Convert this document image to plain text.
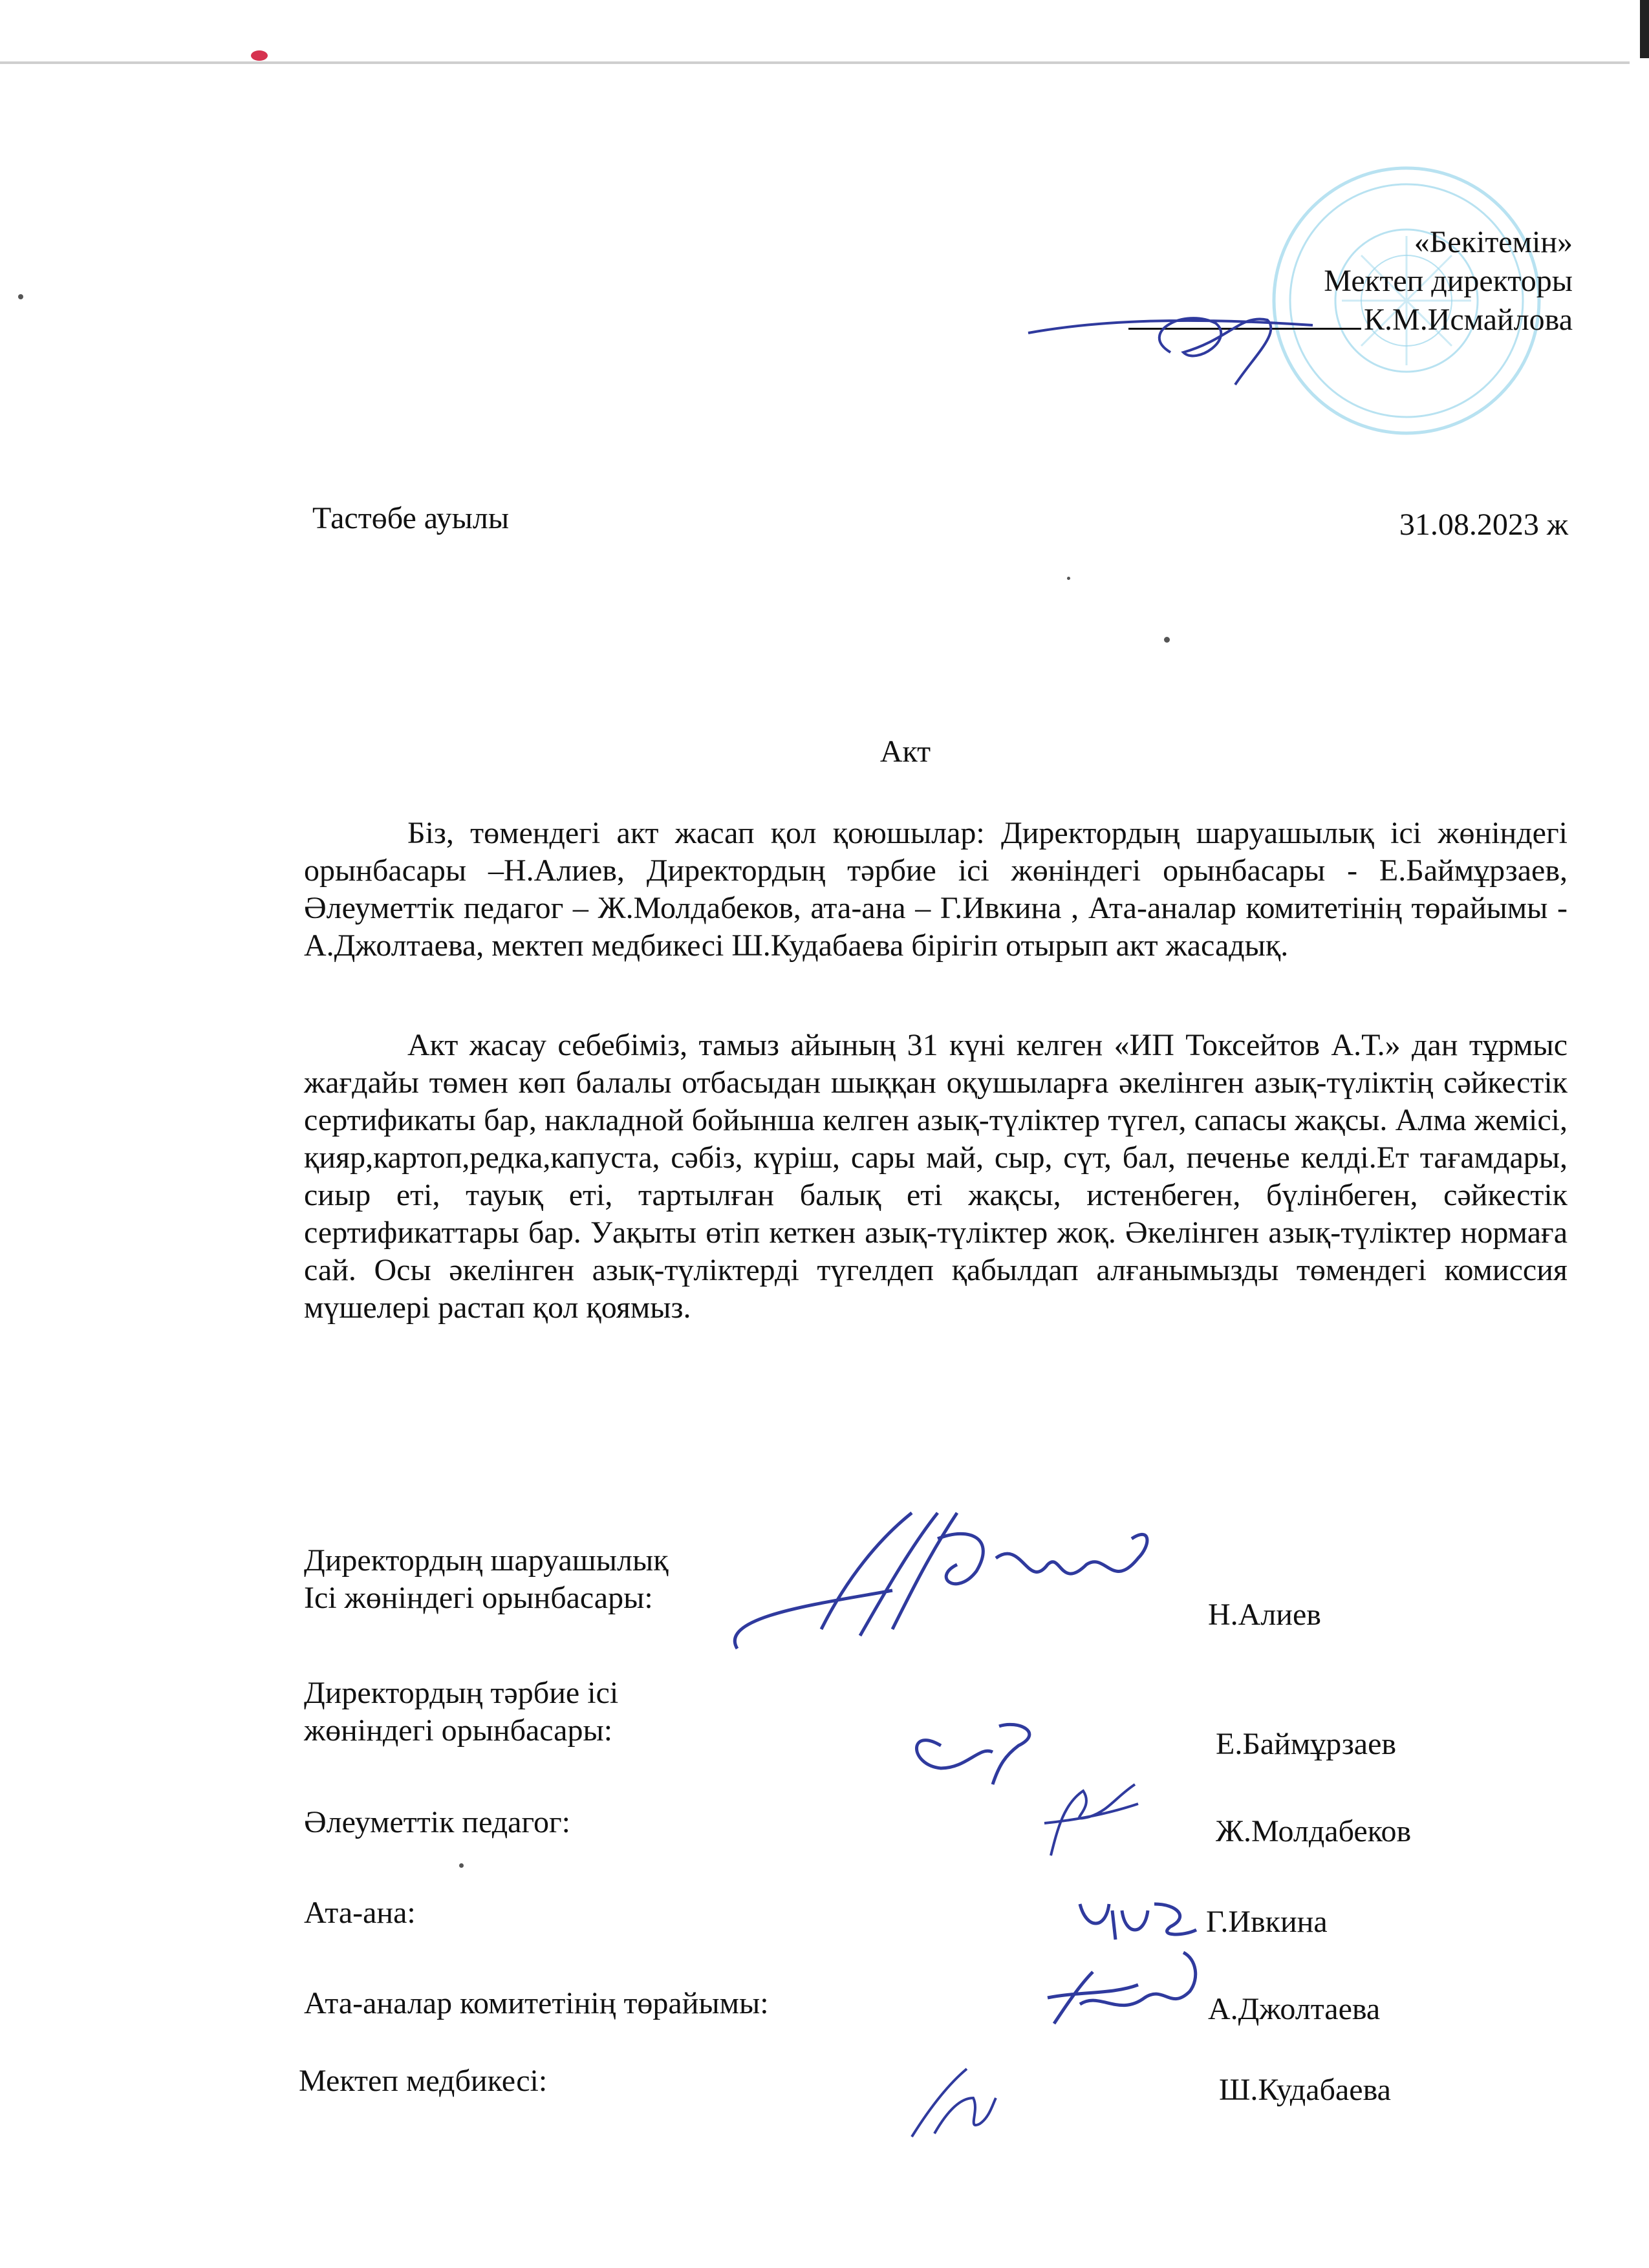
«Бекітемін»
Мектеп директоры
К.М.Исмайлова
Тастөбе ауылы	31.08.2023 ж
Акт

Біз, төмендегі акт жасап қол қоюшылар: Директордың шаруашылық ісі жөніндегі орынбасары –Н.Алиев, Директордың тәрбие ісі жөніндегі орынбасары - Е.Баймұрзаев, Әлеуметтік педагог – Ж.Молдабеков, ата-ана – Г.Ивкина , Ата-аналар комитетінің төрайымы - А.Джолтаева, мектеп медбикесі Ш.Кудабаева бірігіп отырып акт жасадық.

Акт жасау себебіміз, тамыз айының 31 күні келген «ИП Токсейтов А.Т.» дан тұрмыс жағдайы төмен көп балалы отбасыдан шыққан оқушыларға әкелінген азық-түліктің сәйкестік сертификаты бар, накладной бойынша келген азық-түліктер түгел, сапасы жақсы. Алма жемісі, қияр,картоп,редка,капуста, сәбіз, күріш, сары май, сыр, сүт, бал, печенье келді.Ет тағамдары, сиыр еті, тауық еті, тартылған балық еті жақсы, истенбеген, бүлінбеген, сәйкестік сертификаттары бар. Уақыты өтіп кеткен азық-түліктер жоқ. Әкелінген азық-түліктер нормаға сай. Осы әкелінген азық-түліктерді түгелдеп қабылдап алғанымызды төмендегі комиссия мүшелері растап қол қоямыз.

Директордың шаруашылық
Ісі жөніндегі орынбасары:	Н.Алиев
Директордың тәрбие ісі
жөніндегі орынбасары:	Е.Баймұрзаев
Әлеуметтік педагог:	Ж.Молдабеков
Ата-ана:	Г.Ивкина
Ата-аналар комитетінің төрайымы:	А.Джолтаева
Мектеп медбикесі:	Ш.Кудабаева
